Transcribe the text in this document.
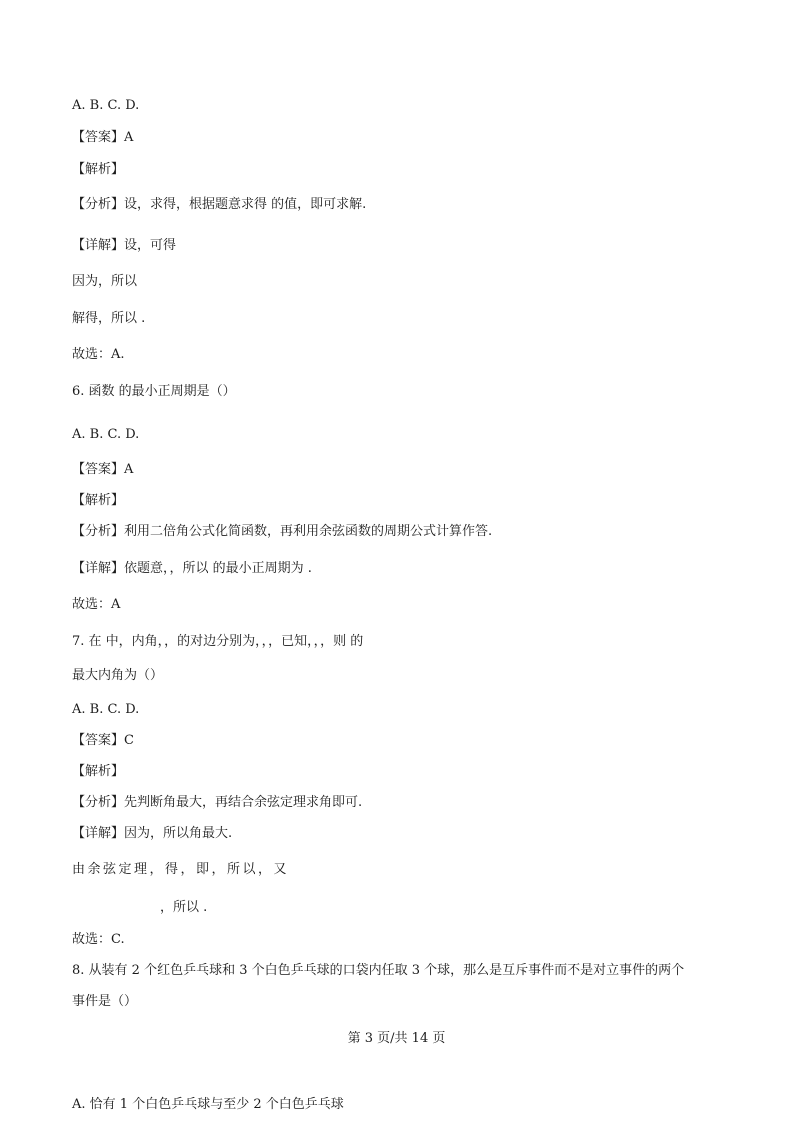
A. B. C. D.
【答案】A
【解析】
【分析】设，求得，根据题意求得 的值，即可求解.
【详解】设，可得
因为，所以
解得，所以 .
故选：A.
6. 函数 的最小正周期是（）
A. B. C. D.
【答案】A
【解析】
【分析】利用二倍角公式化简函数，再利用余弦函数的周期公式计算作答.
【详解】依题意，，所以 的最小正周期为 .
故选：A
7. 在 中，内角，，的对边分别为，，，已知，，，则 的
最大内角为（）
A. B. C. D.
【答案】C
【解析】
【分析】先判断角最大，再结合余弦定理求角即可.
【详解】因为，所以角最大.
由余弦定理，得，即，所以，又
，所以 .
故选：C.
8. 从装有 2 个红色乒乓球和 3 个白色乒乓球的口袋内任取 3 个球，那么是互斥事件而不是对立事件的两个
事件是（）
第 3 页/共 14 页
A. 恰有 1 个白色乒乓球与至少 2 个白色乒乓球
